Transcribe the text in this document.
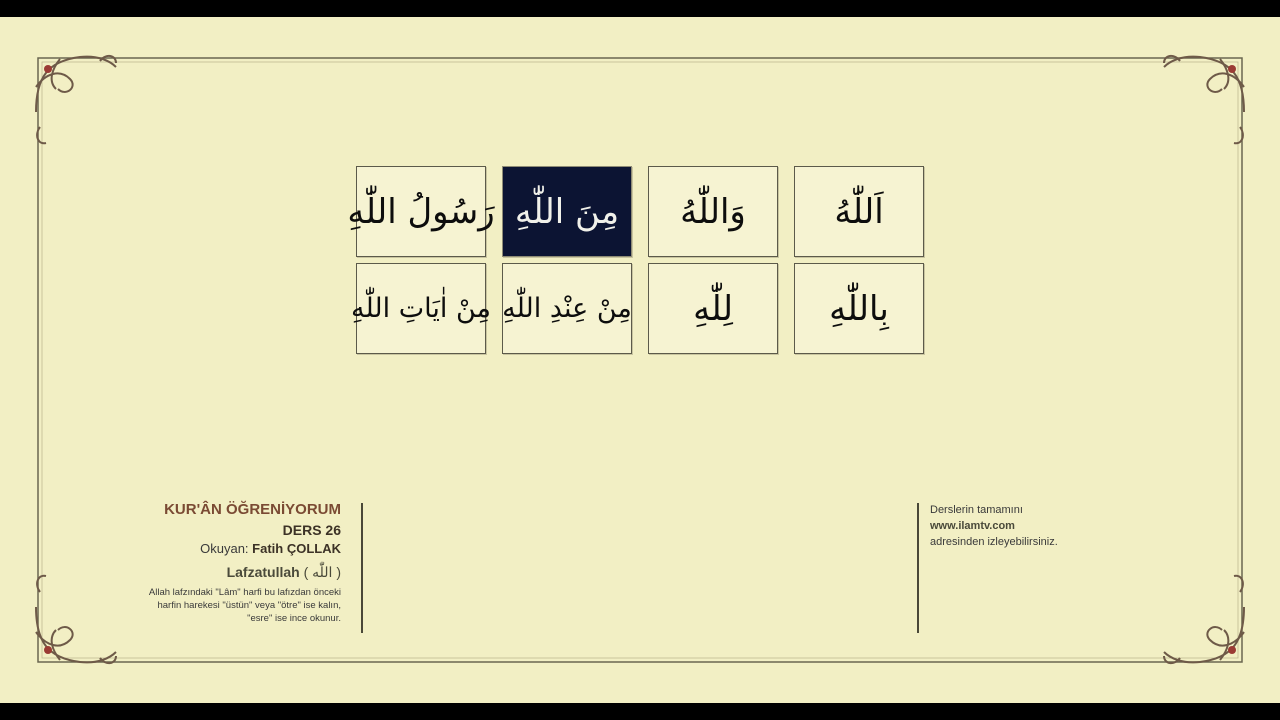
رَسُولُ اللّٰهِ مِنَ اللّٰهِ وَاللّٰهُ	اَللّٰهُ
مِنْ اٰيَاتِ اللّٰهِ مِنْ عِنْدِ اللّٰهِ لِلّٰهِ	بِاللّٰهِ
KUR'ÂN ÖĞRENİYORUM
DERS 26
Okuyan: Fatih ÇOLLAK
Lafzatullah ( اللّٰه )
Allah lafzındaki "Lâm" harfi bu lafızdan önceki
harfin harekesi "üstün" veya "ötre" ise kalın,
"esre" ise ince okunur.
Derslerin tamamını
www.ilamtv.com
adresinden izleyebilirsiniz.
